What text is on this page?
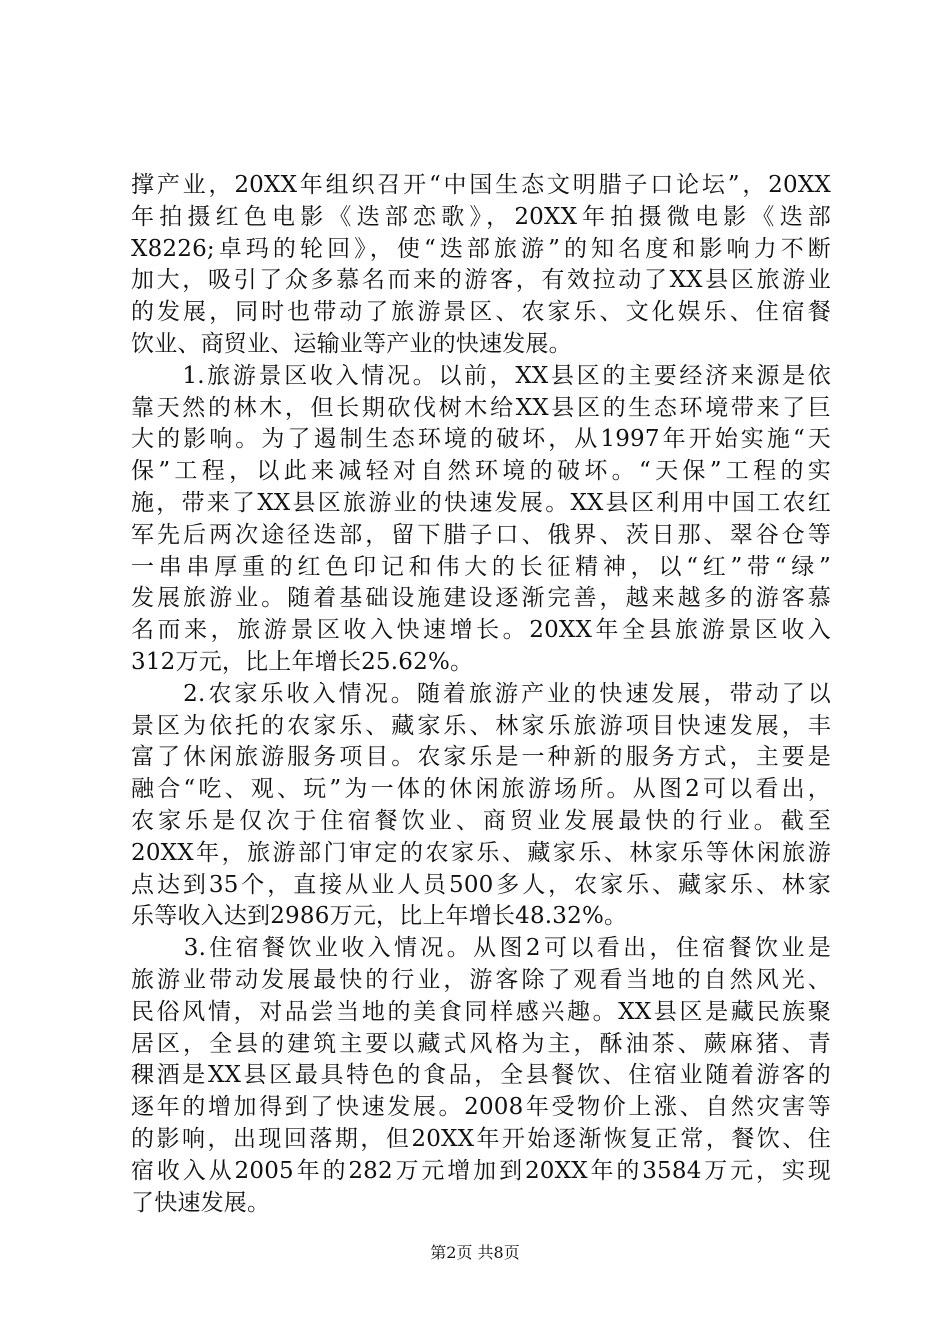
撑产业，20XX年组织召开“中国生态文明腊子口论坛”，20XX
年拍摄红色电影《迭部恋歌》，20XX年拍摄微电影《迭部
X8226;卓玛的轮回》，使“迭部旅游”的知名度和影响力不断
加大，吸引了众多慕名而来的游客，有效拉动了XX县区旅游业
的发展，同时也带动了旅游景区、农家乐、文化娱乐、住宿餐
饮业、商贸业、运输业等产业的快速发展。
　　1.旅游景区收入情况。以前，XX县区的主要经济来源是依
靠天然的林木，但长期砍伐树木给XX县区的生态环境带来了巨
大的影响。为了遏制生态环境的破坏，从1997年开始实施“天
保”工程，以此来减轻对自然环境的破坏。“天保”工程的实
施，带来了XX县区旅游业的快速发展。XX县区利用中国工农红
军先后两次途径迭部，留下腊子口、俄界、茨日那、翠谷仓等
一串串厚重的红色印记和伟大的长征精神，以“红”带“绿”
发展旅游业。随着基础设施建设逐渐完善，越来越多的游客慕
名而来，旅游景区收入快速增长。20XX年全县旅游景区收入
312万元，比上年增长25.62%。
　　2.农家乐收入情况。随着旅游产业的快速发展，带动了以
景区为依托的农家乐、藏家乐、林家乐旅游项目快速发展，丰
富了休闲旅游服务项目。农家乐是一种新的服务方式，主要是
融合“吃、观、玩”为一体的休闲旅游场所。从图2可以看出，
农家乐是仅次于住宿餐饮业、商贸业发展最快的行业。截至
20XX年，旅游部门审定的农家乐、藏家乐、林家乐等休闲旅游
点达到35个，直接从业人员500多人，农家乐、藏家乐、林家
乐等收入达到2986万元，比上年增长48.32%。
　　3.住宿餐饮业收入情况。从图2可以看出，住宿餐饮业是
旅游业带动发展最快的行业，游客除了观看当地的自然风光、
民俗风情，对品尝当地的美食同样感兴趣。XX县区是藏民族聚
居区，全县的建筑主要以藏式风格为主，酥油茶、蕨麻猪、青
稞酒是XX县区最具特色的食品，全县餐饮、住宿业随着游客的
逐年的增加得到了快速发展。2008年受物价上涨、自然灾害等
的影响，出现回落期，但20XX年开始逐渐恢复正常，餐饮、住
宿收入从2005年的282万元增加到20XX年的3584万元，实现
了快速发展。
第2页 共8页
